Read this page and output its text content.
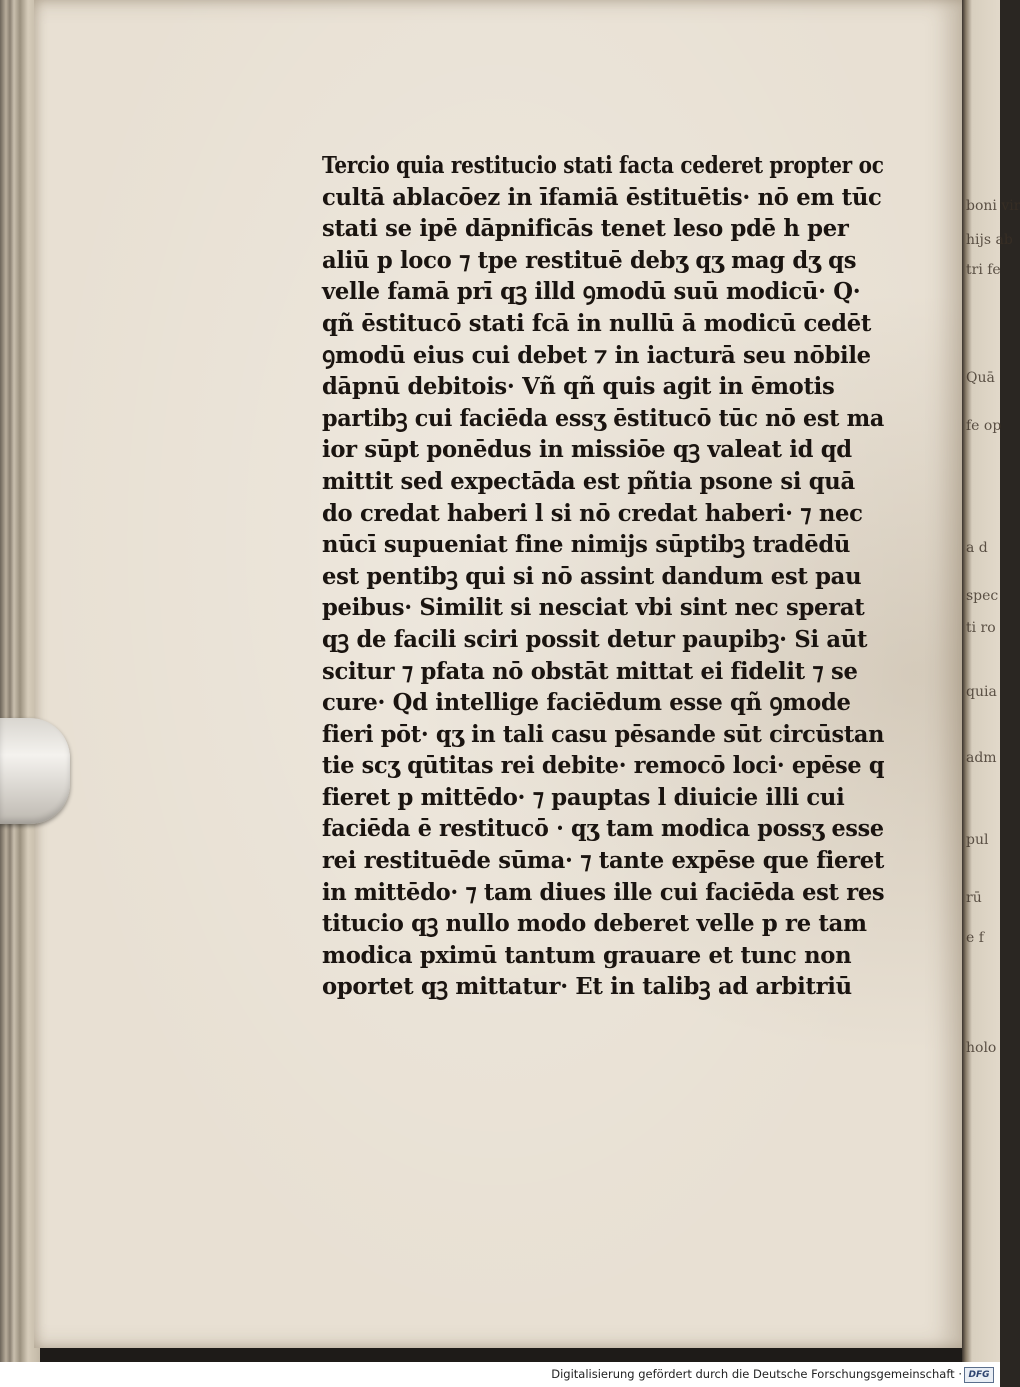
Tercio quia restitucio stati facta cederet propter oc
cultā ablacōez in īfamiā ēstituētis· nō em tūc
stati se ipē dāpnificās tenet leso pdē h per
aliū p loco ⁊ tpe restituē debʒ qʒ mag dʒ qs
velle famā prī qꝫ illd ꝯmodū suū modicū· Q·
qñ ēstitucō stati fcā in nullū ā modicū cedēt
ꝯmodū eius cui debet ⁊ in iacturā seu nōbile
dāpnū debitois· Vñ qñ quis agit in ēmotis
partibꝫ cui faciēda essʒ ēstitucō tūc nō est ma
ior sūpt ponēdus in missiōe qꝫ valeat id qd
mittit sed expectāda est pñtia psone si quā
do credat haberi l si nō credat haberi· ⁊ nec
nūcī supueniat fine nimijs sūptibꝫ tradēdū
est pentibꝫ qui si nō assint dandum est pau
peibus· Similit si nesciat vbi sint nec sperat
qꝫ de facili sciri possit detur paupibꝫ· Si aūt
scitur ⁊ pfata nō obstāt mittat ei fidelit ⁊ se
cure· Qd intellige faciēdum esse qñ ꝯmode
fieri pōt· qʒ in tali casu pēsande sūt circūstan
tie scʒ qūtitas rei debite· remocō loci· epēse q
fieret p mittēdo· ⁊ pauptas l diuicie illi cui
faciēda ē restitucō · qʒ tam modica possʒ esse
rei restituēde sūma· ⁊ tante expēse que fieret
in mittēdo· ⁊ tam diues ille cui faciēda est res
titucio qꝫ nullo modo deberet velle p re tam
modica pximū tantum grauare et tunc non
oportet qꝫ mittatur· Et in talibꝫ ad arbitriū
boni vir
hijs ab
tri fe
Quā
fe op
a d
spec
ti ro
quia
adm
pul
rū
e f
holo
Digitalisierung gefördert durch die Deutsche Forschungsgemeinschaft · DFG
